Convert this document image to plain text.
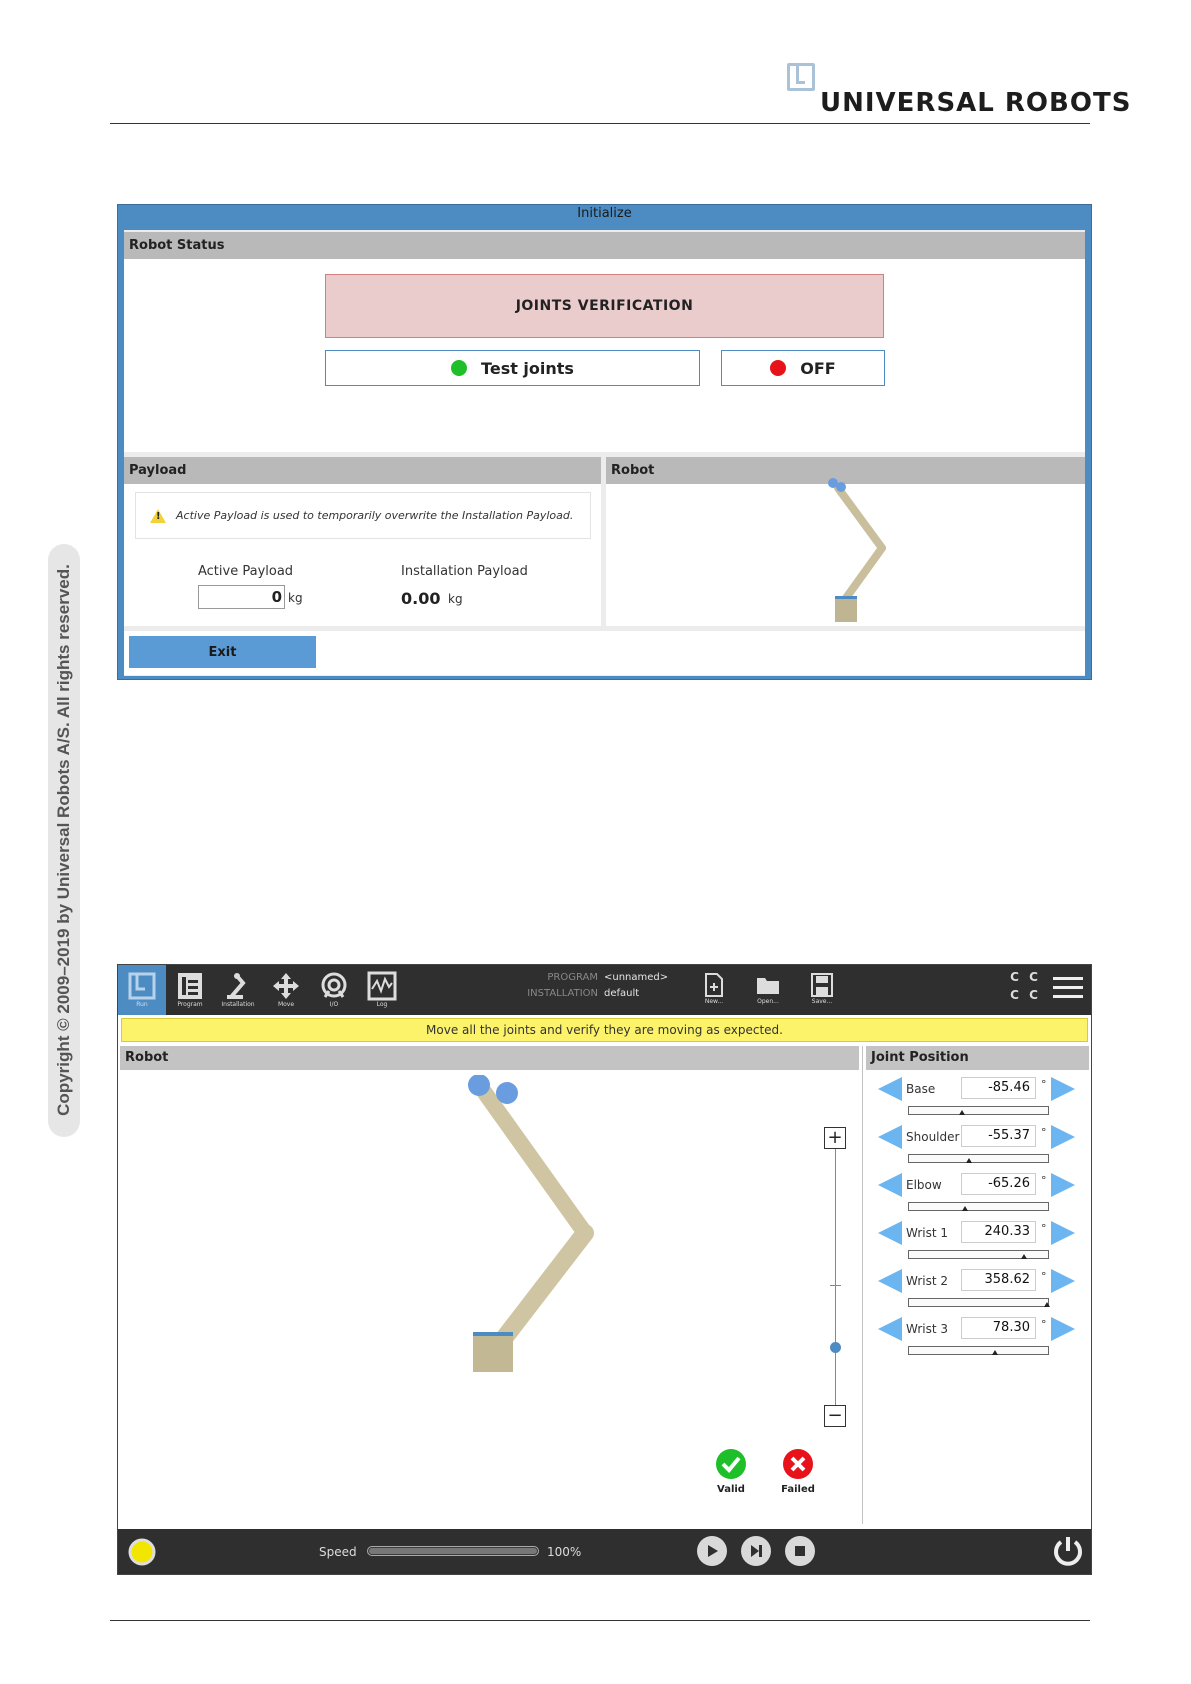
UNIVERSAL ROBOTS
Copyright © 2009–2019 by Universal Robots A/S. All rights reserved.
Initialize
Robot Status
JOINTS VERIFICATION
Test joints	OFF
Payload
!
Active Payload is used to temporarily overwrite the Installation Payload.
Active Payload
0 kg
Installation Payload
0.00 kg
Robot
Exit
Run	Program	Installation	Move	I/O	Log
PROGRAM <unnamed>
INSTALLATION default
New...	Open...	Save...
C C
C C
Move all the joints and verify they are moving as expected.
Robot	Joint Position
+
−
Valid	Failed
Base	-85.46	°
Shoulder	-55.37	°
Elbow	-65.26	°
Wrist 1	240.33	°
Wrist 2	358.62	°
Wrist 3	78.30	°
Speed	100%
